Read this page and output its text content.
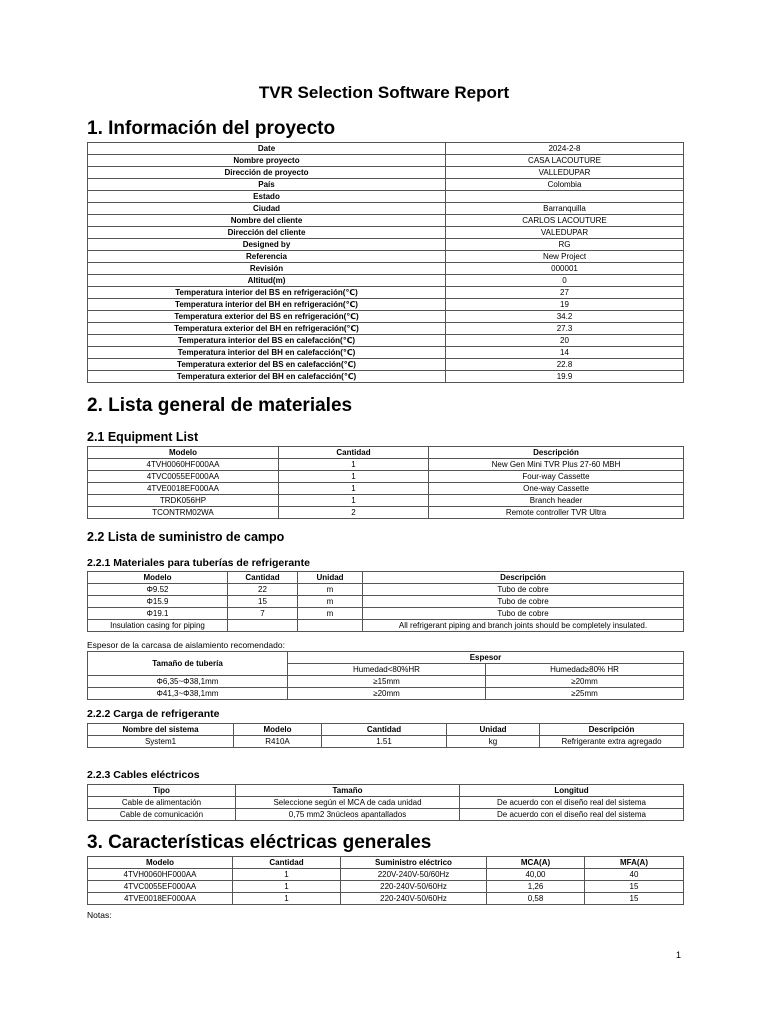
TVR Selection Software Report
1. Información del proyecto
Date	2024-2-8
Nombre proyecto	CASA LACOUTURE
Dirección de proyecto	VALLEDUPAR
País	Colombia
Estado	
Ciudad	Barranquilla
Nombre del cliente	CARLOS LACOUTURE
Dirección del cliente	VALEDUPAR
Designed by	RG
Referencia	New Project
Revisión	000001
Altitud(m)	0
Temperatura interior del BS en refrigeración(℃)	27
Temperatura interior del BH en refrigeración(℃)	19
Temperatura exterior del BS en refrigeración(℃)	34.2
Temperatura exterior del BH en refrigeración(℃)	27.3
Temperatura interior del BS en calefacción(℃)	20
Temperatura interior del BH en calefacción(℃)	14
Temperatura exterior del BS en calefacción(℃)	22.8
Temperatura exterior del BH en calefacción(℃)	19.9
2. Lista general de materiales
2.1 Equipment List
Modelo	Cantidad	Descripción
4TVH0060HF000AA	1	New Gen Mini TVR Plus 27-60 MBH
4TVC0055EF000AA	1	Four-way Cassette
4TVE0018EF000AA	1	One-way Cassette
TRDK056HP	1	Branch header
TCONTRM02WA	2	Remote controller TVR Ultra
2.2 Lista de suministro de campo
2.2.1 Materiales para tuberías de refrigerante
Modelo	Cantidad	Unidad	Descripción
Φ9.52	22	m	Tubo de cobre
Φ15.9	15	m	Tubo de cobre
Φ19.1	7	m	Tubo de cobre
Insulation casing for piping			All refrigerant piping and branch joints should be completely insulated.
Espesor de la carcasa de aislamiento recomendado:
Tamaño de tubería	Espesor	
	Humedad<80%HR	Humedad≥80% HR
Φ6,35~Φ38,1mm	≥15mm	≥20mm
Φ41,3~Φ38,1mm	≥20mm	≥25mm
2.2.2 Carga de refrigerante
Nombre del sistema	Modelo	Cantidad	Unidad	Descripción
System1	R410A	1.51	kg	Refrigerante extra agregado
2.2.3 Cables eléctricos
Tipo	Tamaño	Longitud
Cable de alimentación	Seleccione según el MCA de cada unidad	De acuerdo con el diseño real del sistema
Cable de comunicación	0,75 mm2 3núcleos apantallados	De acuerdo con el diseño real del sistema
3. Características eléctricas generales
Modelo	Cantidad	Suministro eléctrico	MCA(A)	MFA(A)
4TVH0060HF000AA	1	220V-240V-50/60Hz	40,00	40
4TVC0055EF000AA	1	220-240V-50/60Hz	1,26	15
4TVE0018EF000AA	1	220-240V-50/60Hz	0,58	15
Notas:
1
